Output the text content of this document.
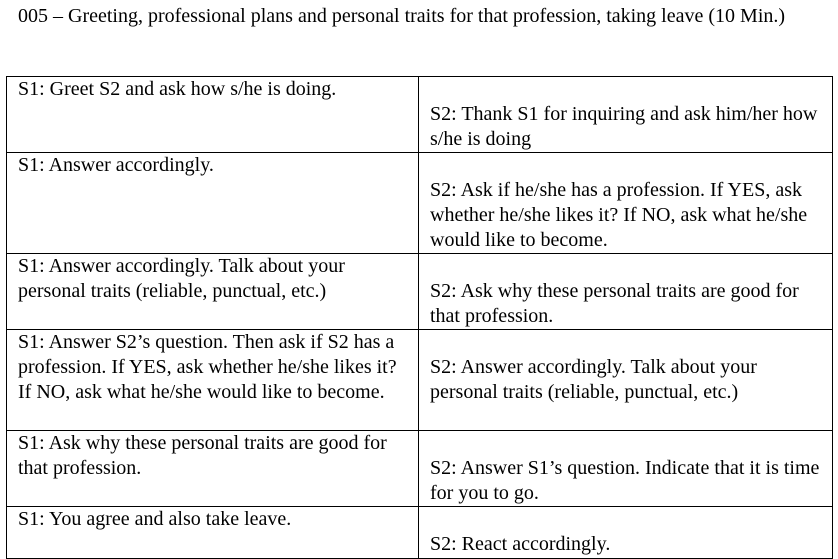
005 – Greeting, professional plans and personal traits for that profession, taking leave (10 Min.)

S1: Greet S2 and ask how s/he is doing.	S2: Thank S1 for inquiring and ask him/her how s/he is doing

S1: Answer accordingly.	S2: Ask if he/she has a profession. If YES, ask whether he/she likes it? If NO, ask what he/she would like to become.

S1: Answer accordingly. Talk about your personal traits (reliable, punctual, etc.)	S2: Ask why these personal traits are good for that profession.

S1: Answer S2’s question. Then ask if S2 has a profession. If YES, ask whether he/she likes it? If NO, ask what he/she would like to become.	S2: Answer accordingly. Talk about your personal traits (reliable, punctual, etc.)

S1: Ask why these personal traits are good for that profession.	S2: Answer S1’s question. Indicate that it is time for you to go.

S1: You agree and also take leave.	S2: React accordingly.
